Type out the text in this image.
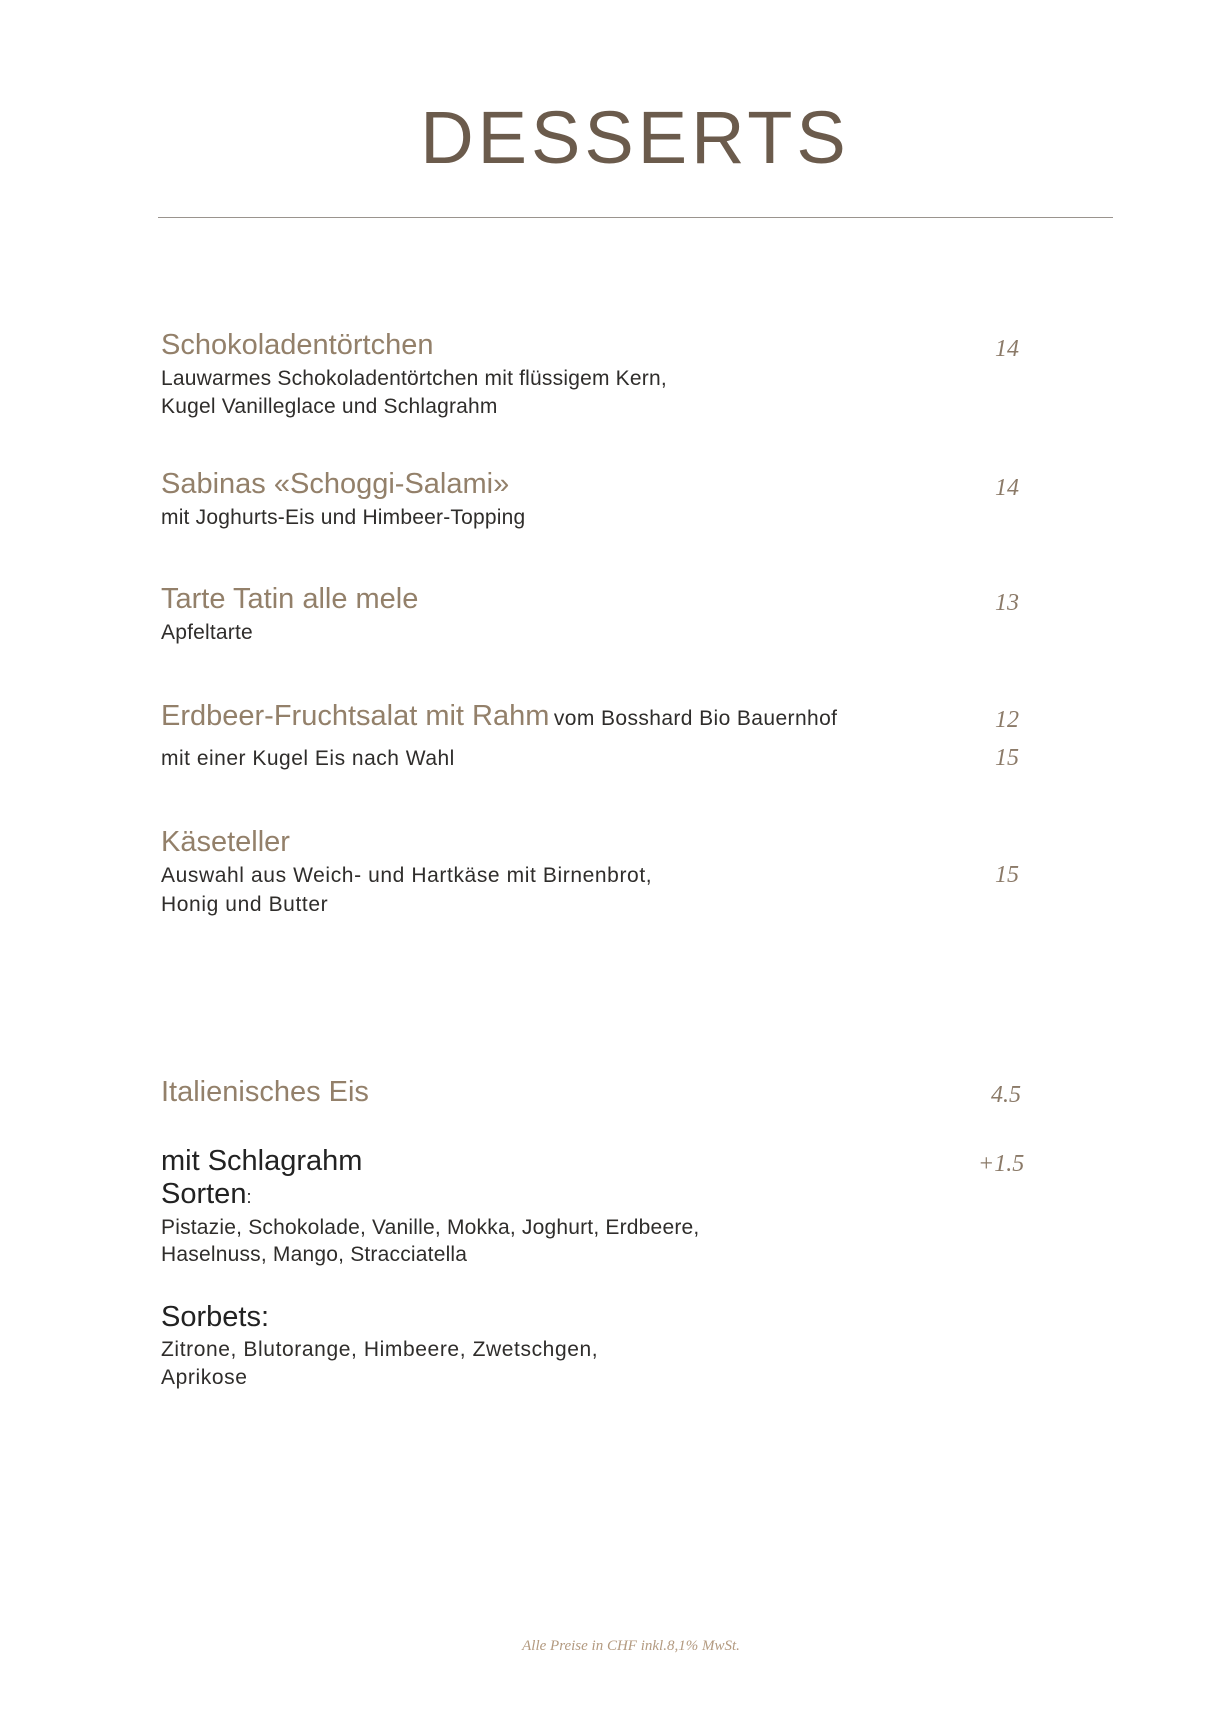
DESSERTS
Schokoladentörtchen
Lauwarmes Schokoladentörtchen mit flüssigem Kern,
Kugel Vanilleglace und Schlagrahm
14
Sabinas «Schoggi-Salami»
mit Joghurts-Eis und Himbeer-Topping
14
Tarte Tatin alle mele
Apfeltarte
13
Erdbeer-Fruchtsalat mit Rahm vom Bosshard Bio Bauernhof
mit einer Kugel Eis nach Wahl
12
15
Käseteller
Auswahl aus Weich- und Hartkäse mit Birnenbrot,
Honig und Butter
15
Italienisches Eis	4.5
mit Schlagrahm
Sorten:
Pistazie, Schokolade, Vanille, Mokka, Joghurt, Erdbeere,
Haselnuss, Mango, Stracciatella
+1.5
Sorbets:
Zitrone, Blutorange, Himbeere, Zwetschgen,
Aprikose
Alle Preise in CHF inkl.8,1% MwSt.
